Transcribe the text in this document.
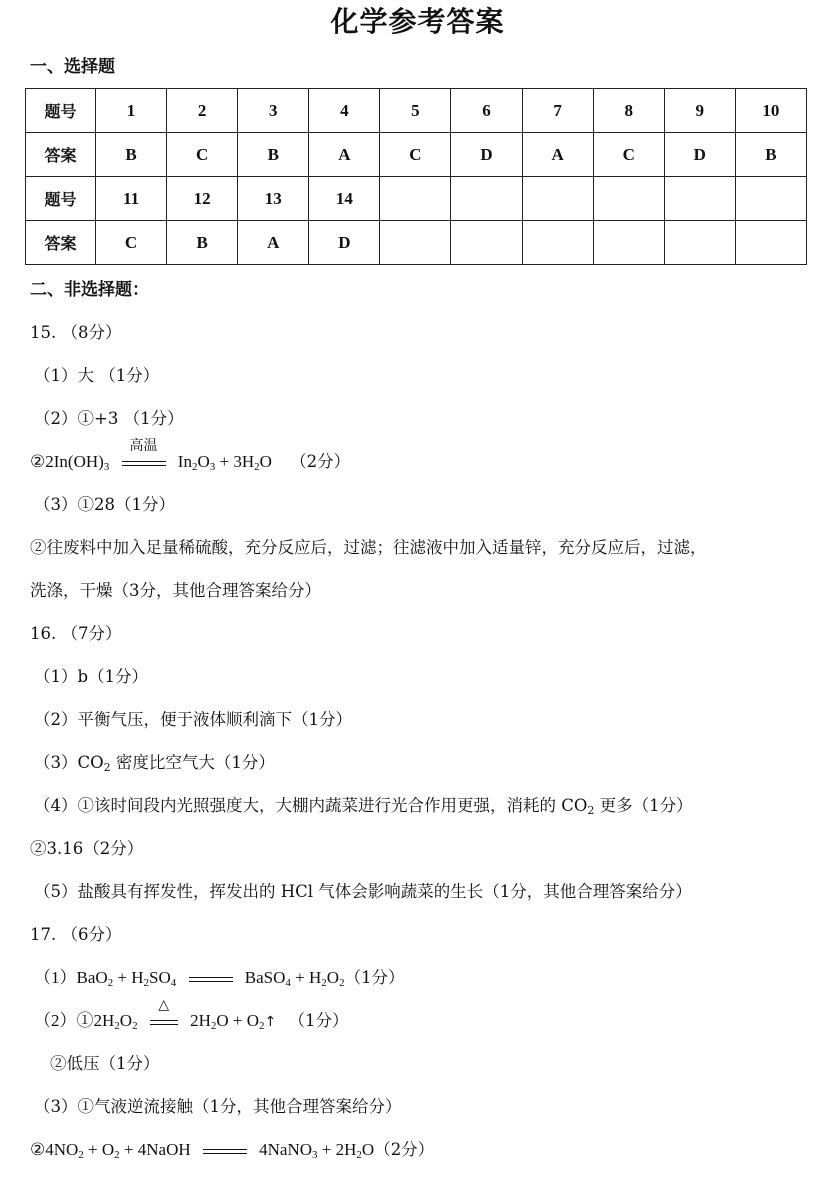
化学参考答案
一、选择题
题号	1	2	3	4	5	6	7	8	9	10
答案	B	C	B	A	C	D	A	C	D	B
题号	11	12	13	14						
答案	C	B	A	D						
二、非选择题：
15. （8分）
（1）大 （1分）
（2）①+3 （1分）
$②2In(OH)_3$
高温
$In_2O_3 + 3H_2O$ （2分）
（3）①28（1分）
②往废料中加入足量稀硫酸，充分反应后，过滤；往滤液中加入适量锌，充分反应后，过滤，
洗涤，干燥（3分，其他合理答案给分）
16. （7分）
（1）b（1分）
（2）平衡气压，便于液体顺利滴下（1分）
$(3)CO_2$ 密度比空气大（1分）
（4）①该时间段内光照强度大，大棚内蔬菜进行光合作用更强，消耗的 $CO_2$ 更多（1分）
②3.16（2分）
（5）盐酸具有挥发性，挥发出的 HCl 气体会影响蔬菜的生长（1分，其他合理答案给分）
17. （6分）
$(1)BaO_2 + H_2SO_4$	BaSO$_4$ + $H_2O_2(1$分）
$(2)①2H_2O_2$
△
$2H_2O$ + $O_2↑$ （1分）
②低压（1分）
（3）①气液逆流接触（1分，其他合理答案给分）
$②4NO_2 + O_2$ + 4NaOH	4NaNO$_3$ + $2H_2O(2$分）
